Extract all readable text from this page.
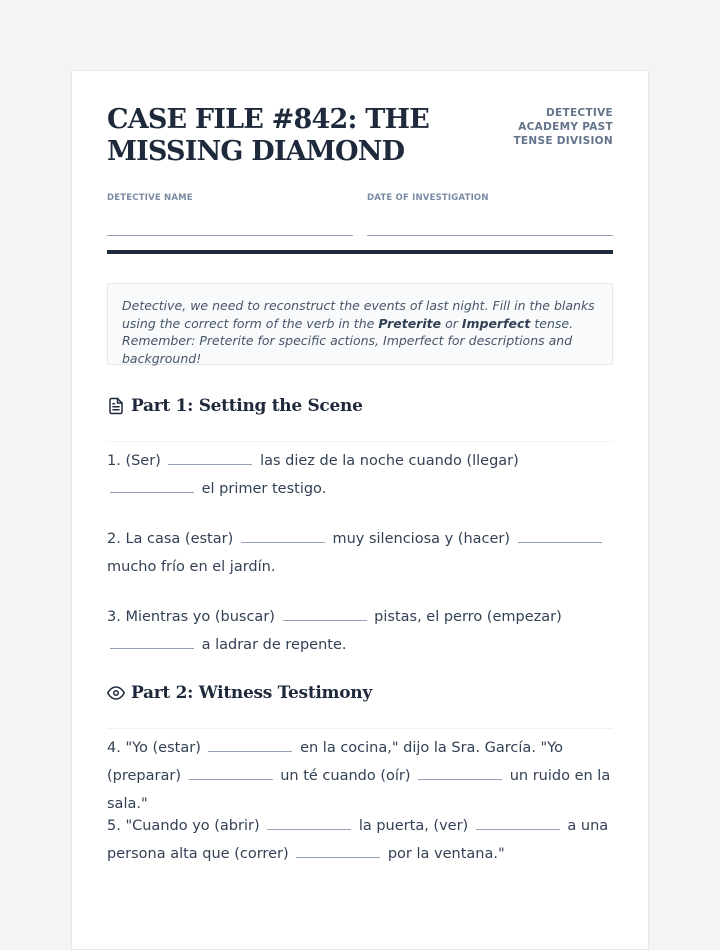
CASE FILE #842: THE MISSING DIAMOND
DETECTIVE ACADEMY PAST TENSE DIVISION
DETECTIVE NAME	DATE OF INVESTIGATION
Detective, we need to reconstruct the events of last night. Fill in the blanks using the correct form of the verb in the Preterite or Imperfect tense. Remember: Preterite for specific actions, Imperfect for descriptions and background!
Part 1: Setting the Scene
1. (Ser)	las diez de la noche cuando (llegar)  el primer testigo.
2. La casa (estar)	muy silenciosa y (hacer)  mucho frío en el jardín.
3. Mientras yo (buscar)	pistas, el perro (empezar)  a ladrar de repente.
Part 2: Witness Testimony
4. "Yo (estar)	en la cocina," dijo la Sra. García. "Yo (preparar)	un té cuando (oír)	un ruido en la sala."
5. "Cuando yo (abrir)	la puerta, (ver)	a una persona alta que (correr)	por la ventana."
